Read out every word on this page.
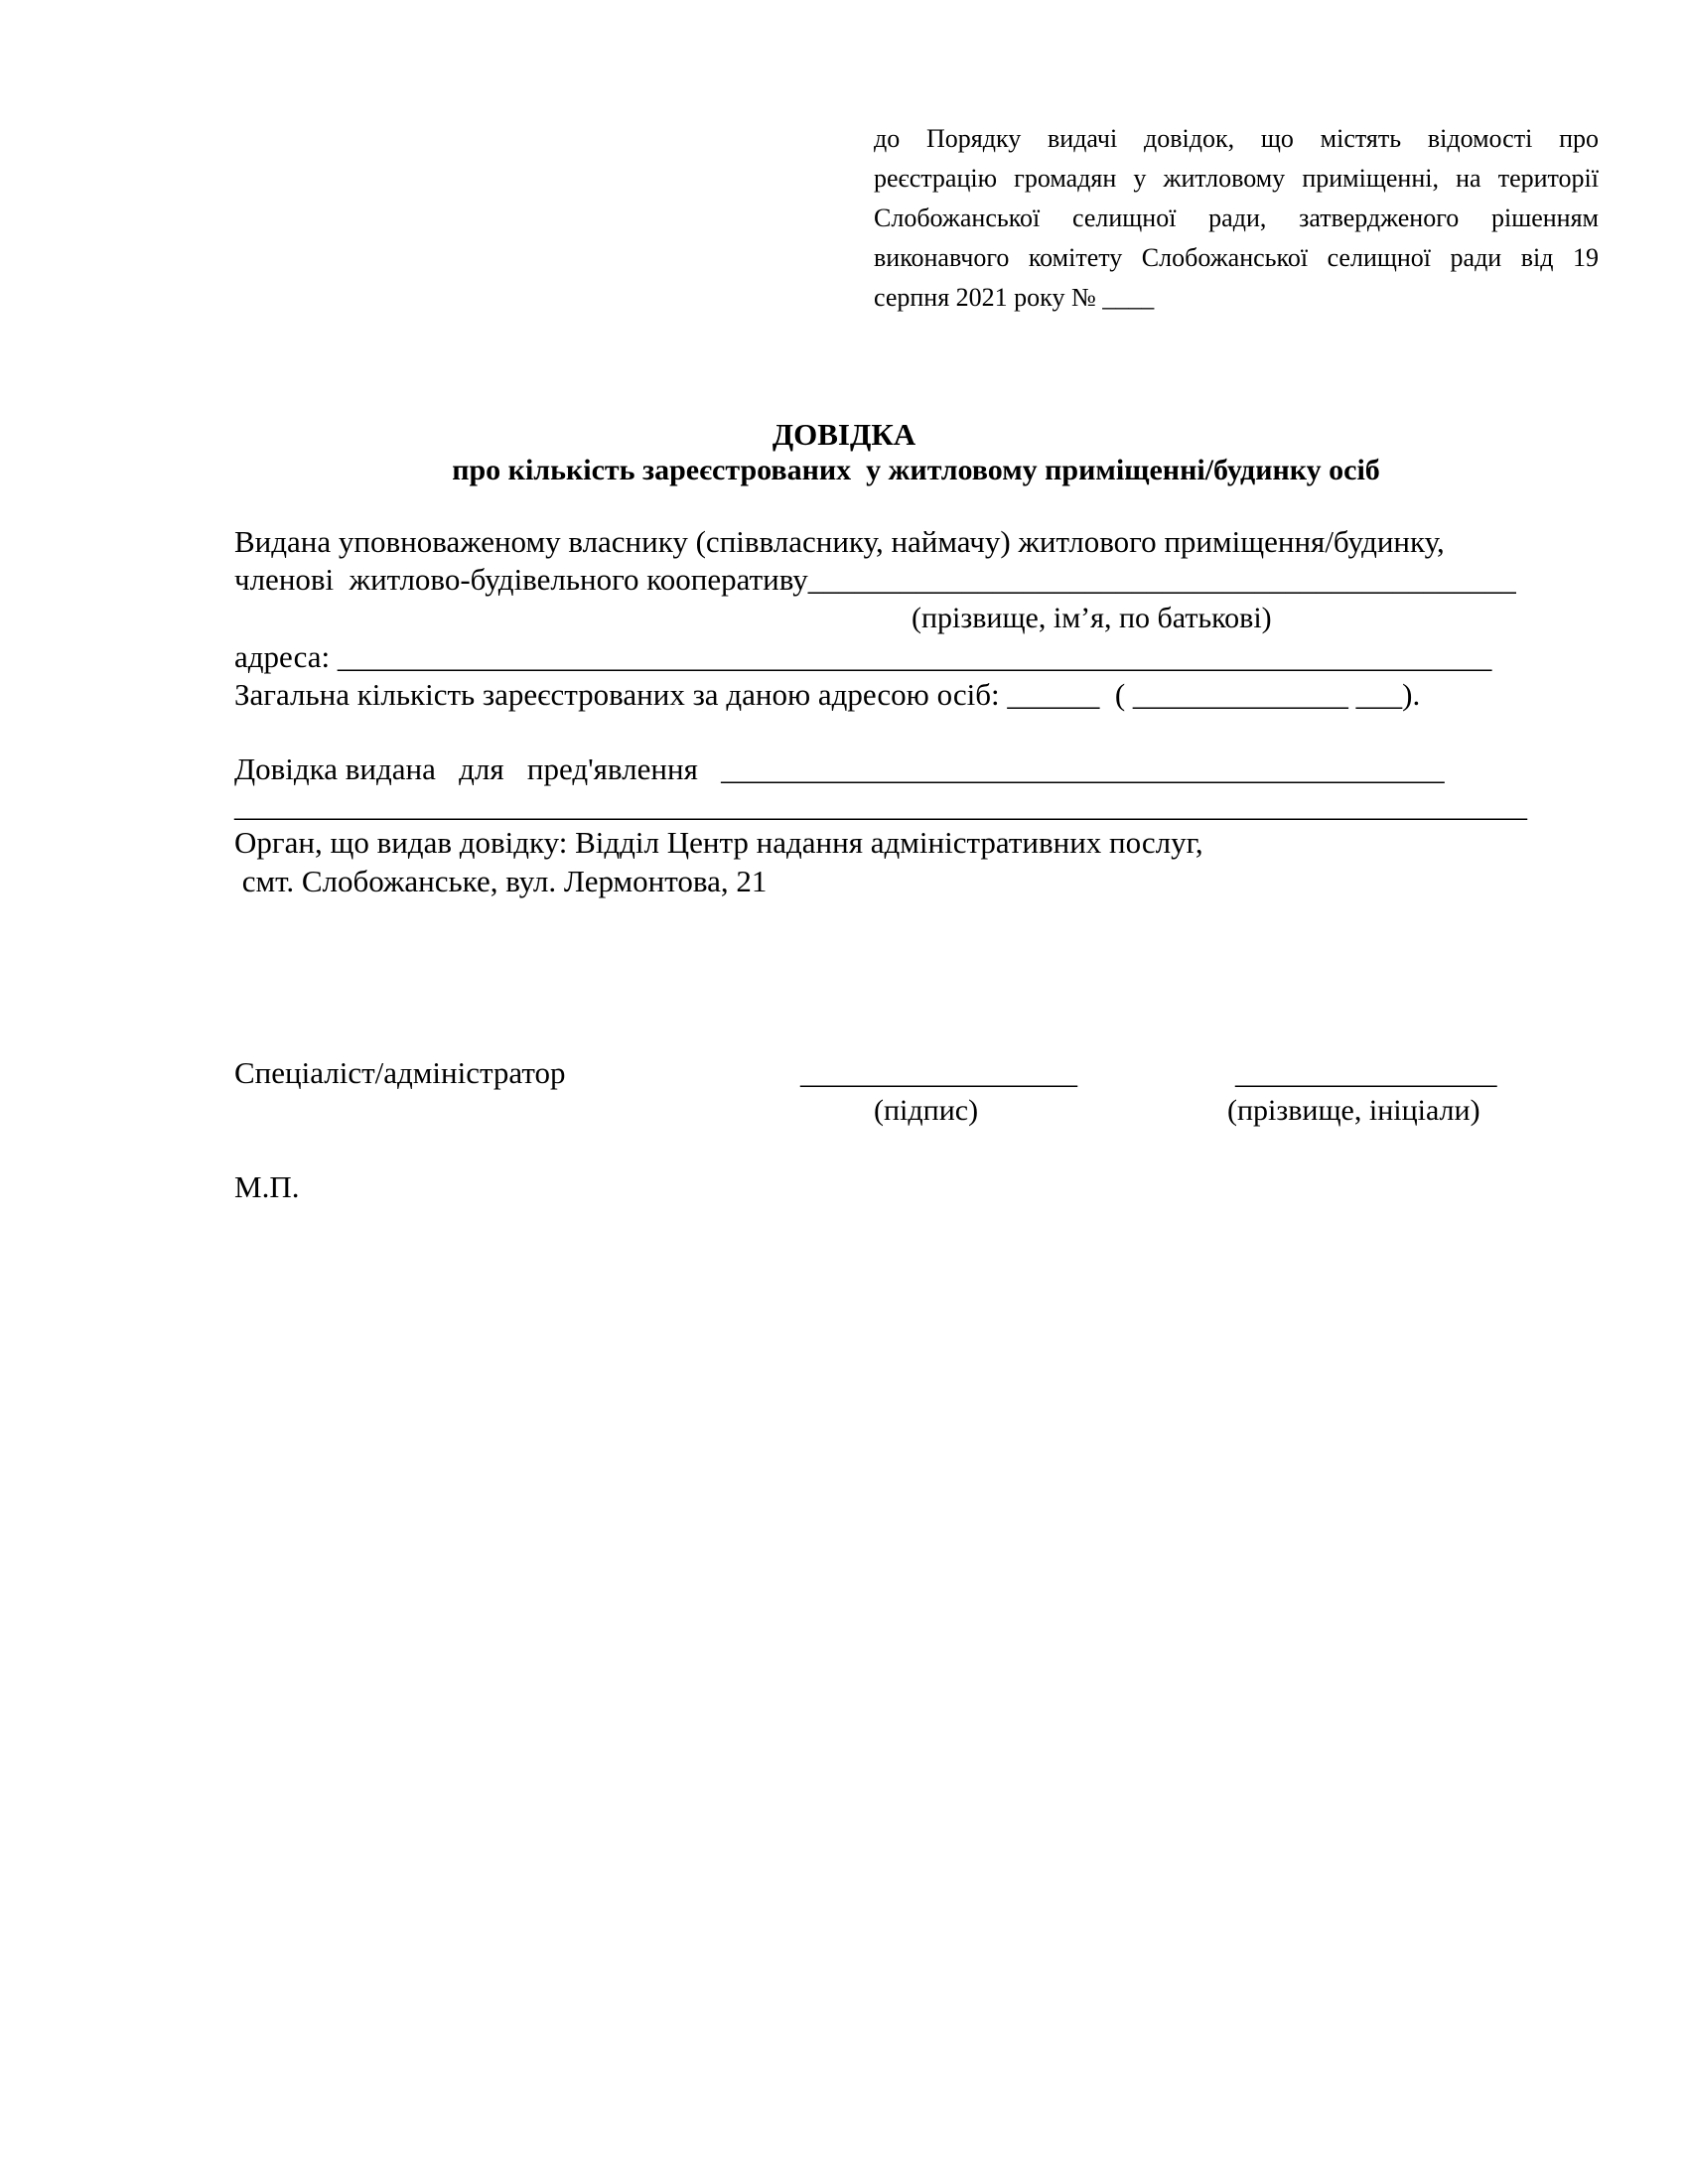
до Порядку видачі довідок, що містять відомості про
реєстрацію громадян у житловому приміщенні, на території
Слобожанської селищної ради, затвердженого рішенням
виконавчого комітету Слобожанської селищної ради від 19
серпня 2021 року № ____
ДОВІДКА
про кількість зареєстрованих  у житловому приміщенні/будинку осіб
Видана уповноваженому власнику (співвласнику, наймачу) житлового приміщення/будинку,
членові  житлово-будівельного кооперативу______________________________________________
(прізвище, ім’я, по батькові)
адреса: ___________________________________________________________________________
Загальна кількість зареєстрованих за даною адресою осіб: ______  ( ______________ ___).
Довідка видана   для   пред'явлення   _______________________________________________
____________________________________________________________________________________
Орган, що видав довідку: Відділ Центр надання адміністративних послуг,
смт. Слобожанське, вул. Лермонтова, 21
Спеціаліст/адміністратор	__________________	_________________
(підпис)	(прізвище, ініціали)
М.П.
